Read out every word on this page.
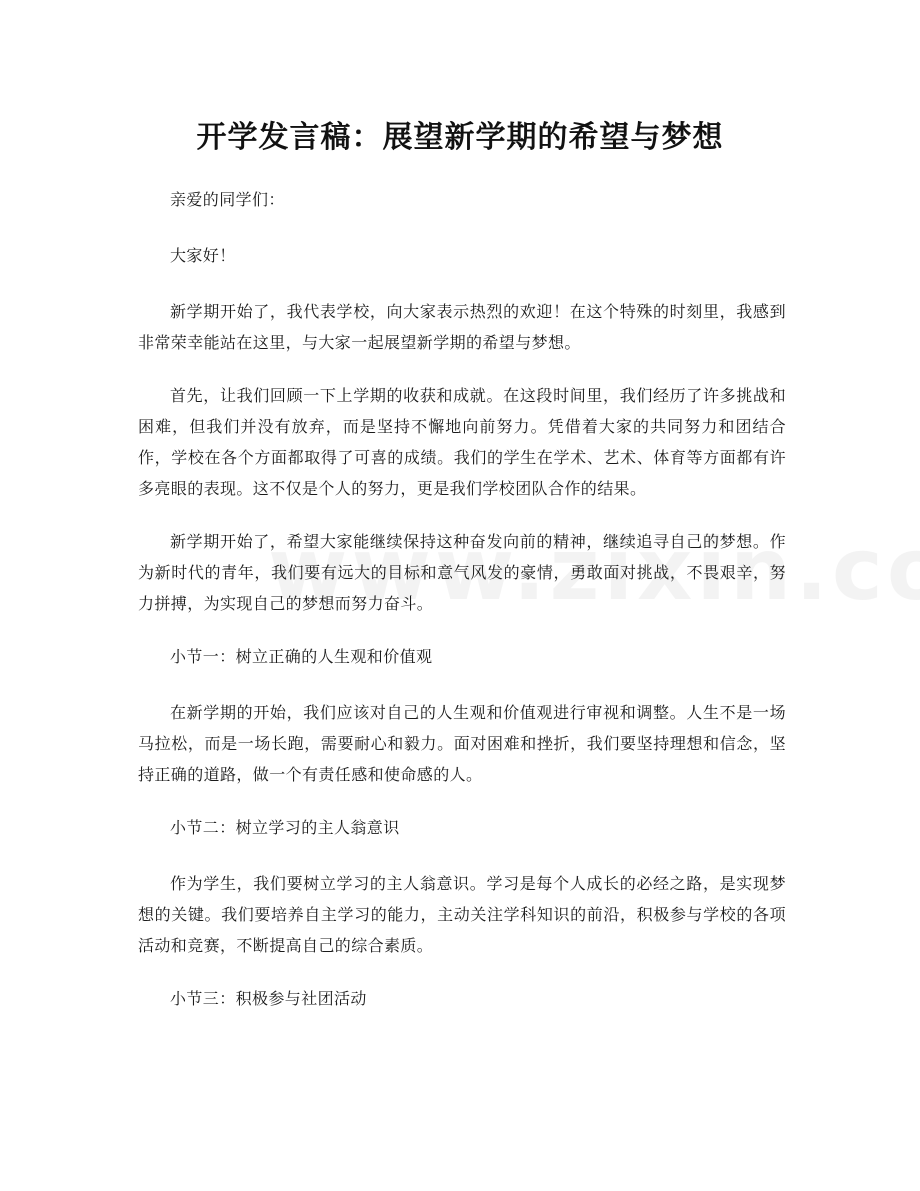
开学发言稿：展望新学期的希望与梦想

亲爱的同学们：

大家好！

新学期开始了，我代表学校，向大家表示热烈的欢迎！在这个特殊的时刻里，我感到非常荣幸能站在这里，与大家一起展望新学期的希望与梦想。

首先，让我们回顾一下上学期的收获和成就。在这段时间里，我们经历了许多挑战和困难，但我们并没有放弃，而是坚持不懈地向前努力。凭借着大家的共同努力和团结合作，学校在各个方面都取得了可喜的成绩。我们的学生在学术、艺术、体育等方面都有许多亮眼的表现。这不仅是个人的努力，更是我们学校团队合作的结果。

新学期开始了，希望大家能继续保持这种奋发向前的精神，继续追寻自己的梦想。作为新时代的青年，我们要有远大的目标和意气风发的豪情，勇敢面对挑战，不畏艰辛，努力拼搏，为实现自己的梦想而努力奋斗。

小节一：树立正确的人生观和价值观

在新学期的开始，我们应该对自己的人生观和价值观进行审视和调整。人生不是一场马拉松，而是一场长跑，需要耐心和毅力。面对困难和挫折，我们要坚持理想和信念，坚持正确的道路，做一个有责任感和使命感的人。

小节二：树立学习的主人翁意识

作为学生，我们要树立学习的主人翁意识。学习是每个人成长的必经之路，是实现梦想的关键。我们要培养自主学习的能力，主动关注学科知识的前沿，积极参与学校的各项活动和竞赛，不断提高自己的综合素质。

小节三：积极参与社团活动
